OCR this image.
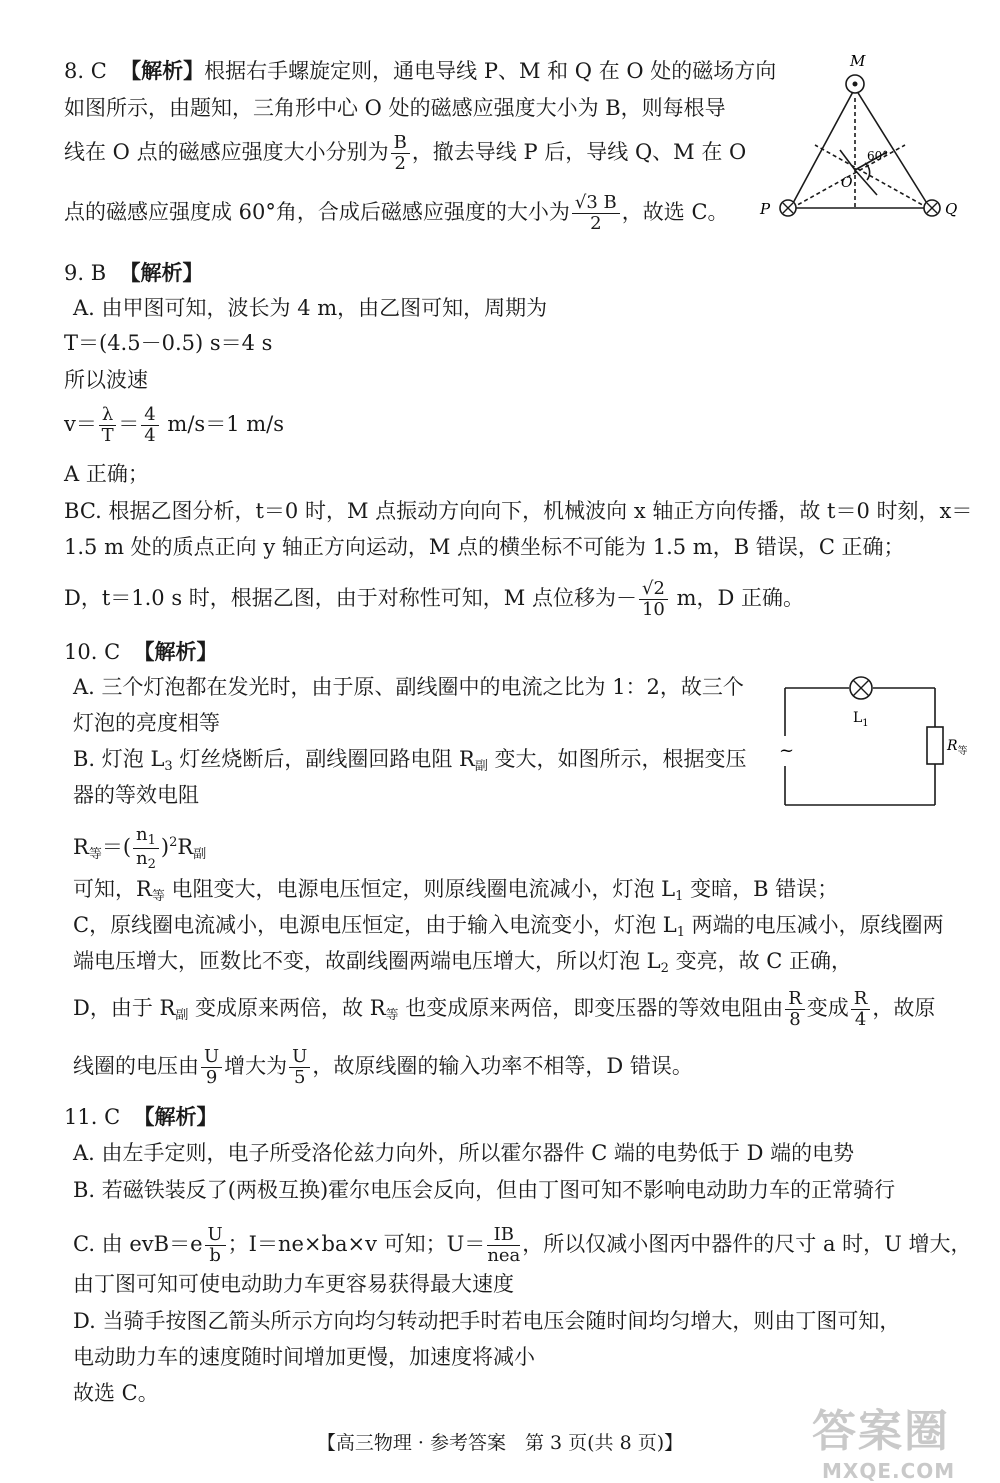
8. C 【解析】根据右手螺旋定则，通电导线 P、M 和 Q 在 O 处的磁场方向
如图所示，由题知，三角形中心 O 处的磁感应强度大小为 B，则每根导
线在 O 点的磁感应强度大小分别为 $\frac{B}{2}$ ，撤去导线 P 后，导线 Q、M 在 O
点的磁感应强度成 60°角，合成后磁感应强度的大小为 $\frac{√3 B}{2}$ ，故选 C。
M
P	Q
O
60°
9. B 【解析】
A. 由甲图可知，波长为 4 m，由乙图可知，周期为
T＝(4.5－0.5) s＝4 s
所以波速
$v= \frac{\lambda}{T} = \frac{4}{4} m/s=1$ m/s
A 正确；
BC. 根据乙图分析，t＝0 时，M 点振动方向向下，机械波向 x 轴正方向传播，故 t＝0 时刻，x＝
1.5 m 处的质点正向 y 轴正方向运动，M 点的横坐标不可能为 1.5 m，B 错误，C 正确；
D，t＝1.0 s 时，根据乙图，由于对称性可知，M 点位移为－ $\frac{√2}{10}$ m，D 正确。
10. C 【解析】
A. 三个灯泡都在发光时，由于原、副线圈中的电流之比为 1：2，故三个
灯泡的亮度相等
B. 灯泡 $L_3$ 灯丝烧断后，副线圈回路电阻 $R_副$ 变大，如图所示，根据变压
器的等效电阻
$R_等=( \frac{n_1}{n_2} )^2R_副$
可知，$R_等$ 电阻变大，电源电压恒定，则原线圈电流减小，灯泡 $L_1$ 变暗，B 错误；
C，原线圈电流减小，电源电压恒定，由于输入电流变小，灯泡 $L_1$ 两端的电压减小，原线圈两
端电压增大，匝数比不变，故副线圈两端电压增大，所以灯泡 $L_2$ 变亮，故 C 正确，
D，由于 $R_副$ 变成原来两倍，故 $R_等$ 也变成原来两倍，即变压器的等效电阻由 $\frac{R}{8}$ 变成 $\frac{R}{4}$ ，故原
线圈的电压由 $\frac{U}{9}$ 增大为 $\frac{U}{5}$ ，故原线圈的输入功率不相等，D 错误。
$L_1$
$R_等$
~
11. C 【解析】
A. 由左手定则，电子所受洛伦兹力向外，所以霍尔器件 C 端的电势低于 D 端的电势
B. 若磁铁装反了(两极互换)霍尔电压会反向，但由丁图可知不影响电动助力车的正常骑行
C. 由 $evB=e \frac{U}{b}$ ；I＝ne×ba×v 可知；$U= \frac{IB}{\text{nea}}$ ，所以仅减小图丙中器件的尺寸 a 时，U 增大，
由丁图可知可使电动助力车更容易获得最大速度
D. 当骑手按图乙箭头所示方向均匀转动把手时若电压会随时间均匀增大，则由丁图可知，
电动助力车的速度随时间增加更慢，加速度将减小
故选 C。
【高三物理 · 参考答案　第 3 页(共 8 页)】	答案圈
MXQE.COM
